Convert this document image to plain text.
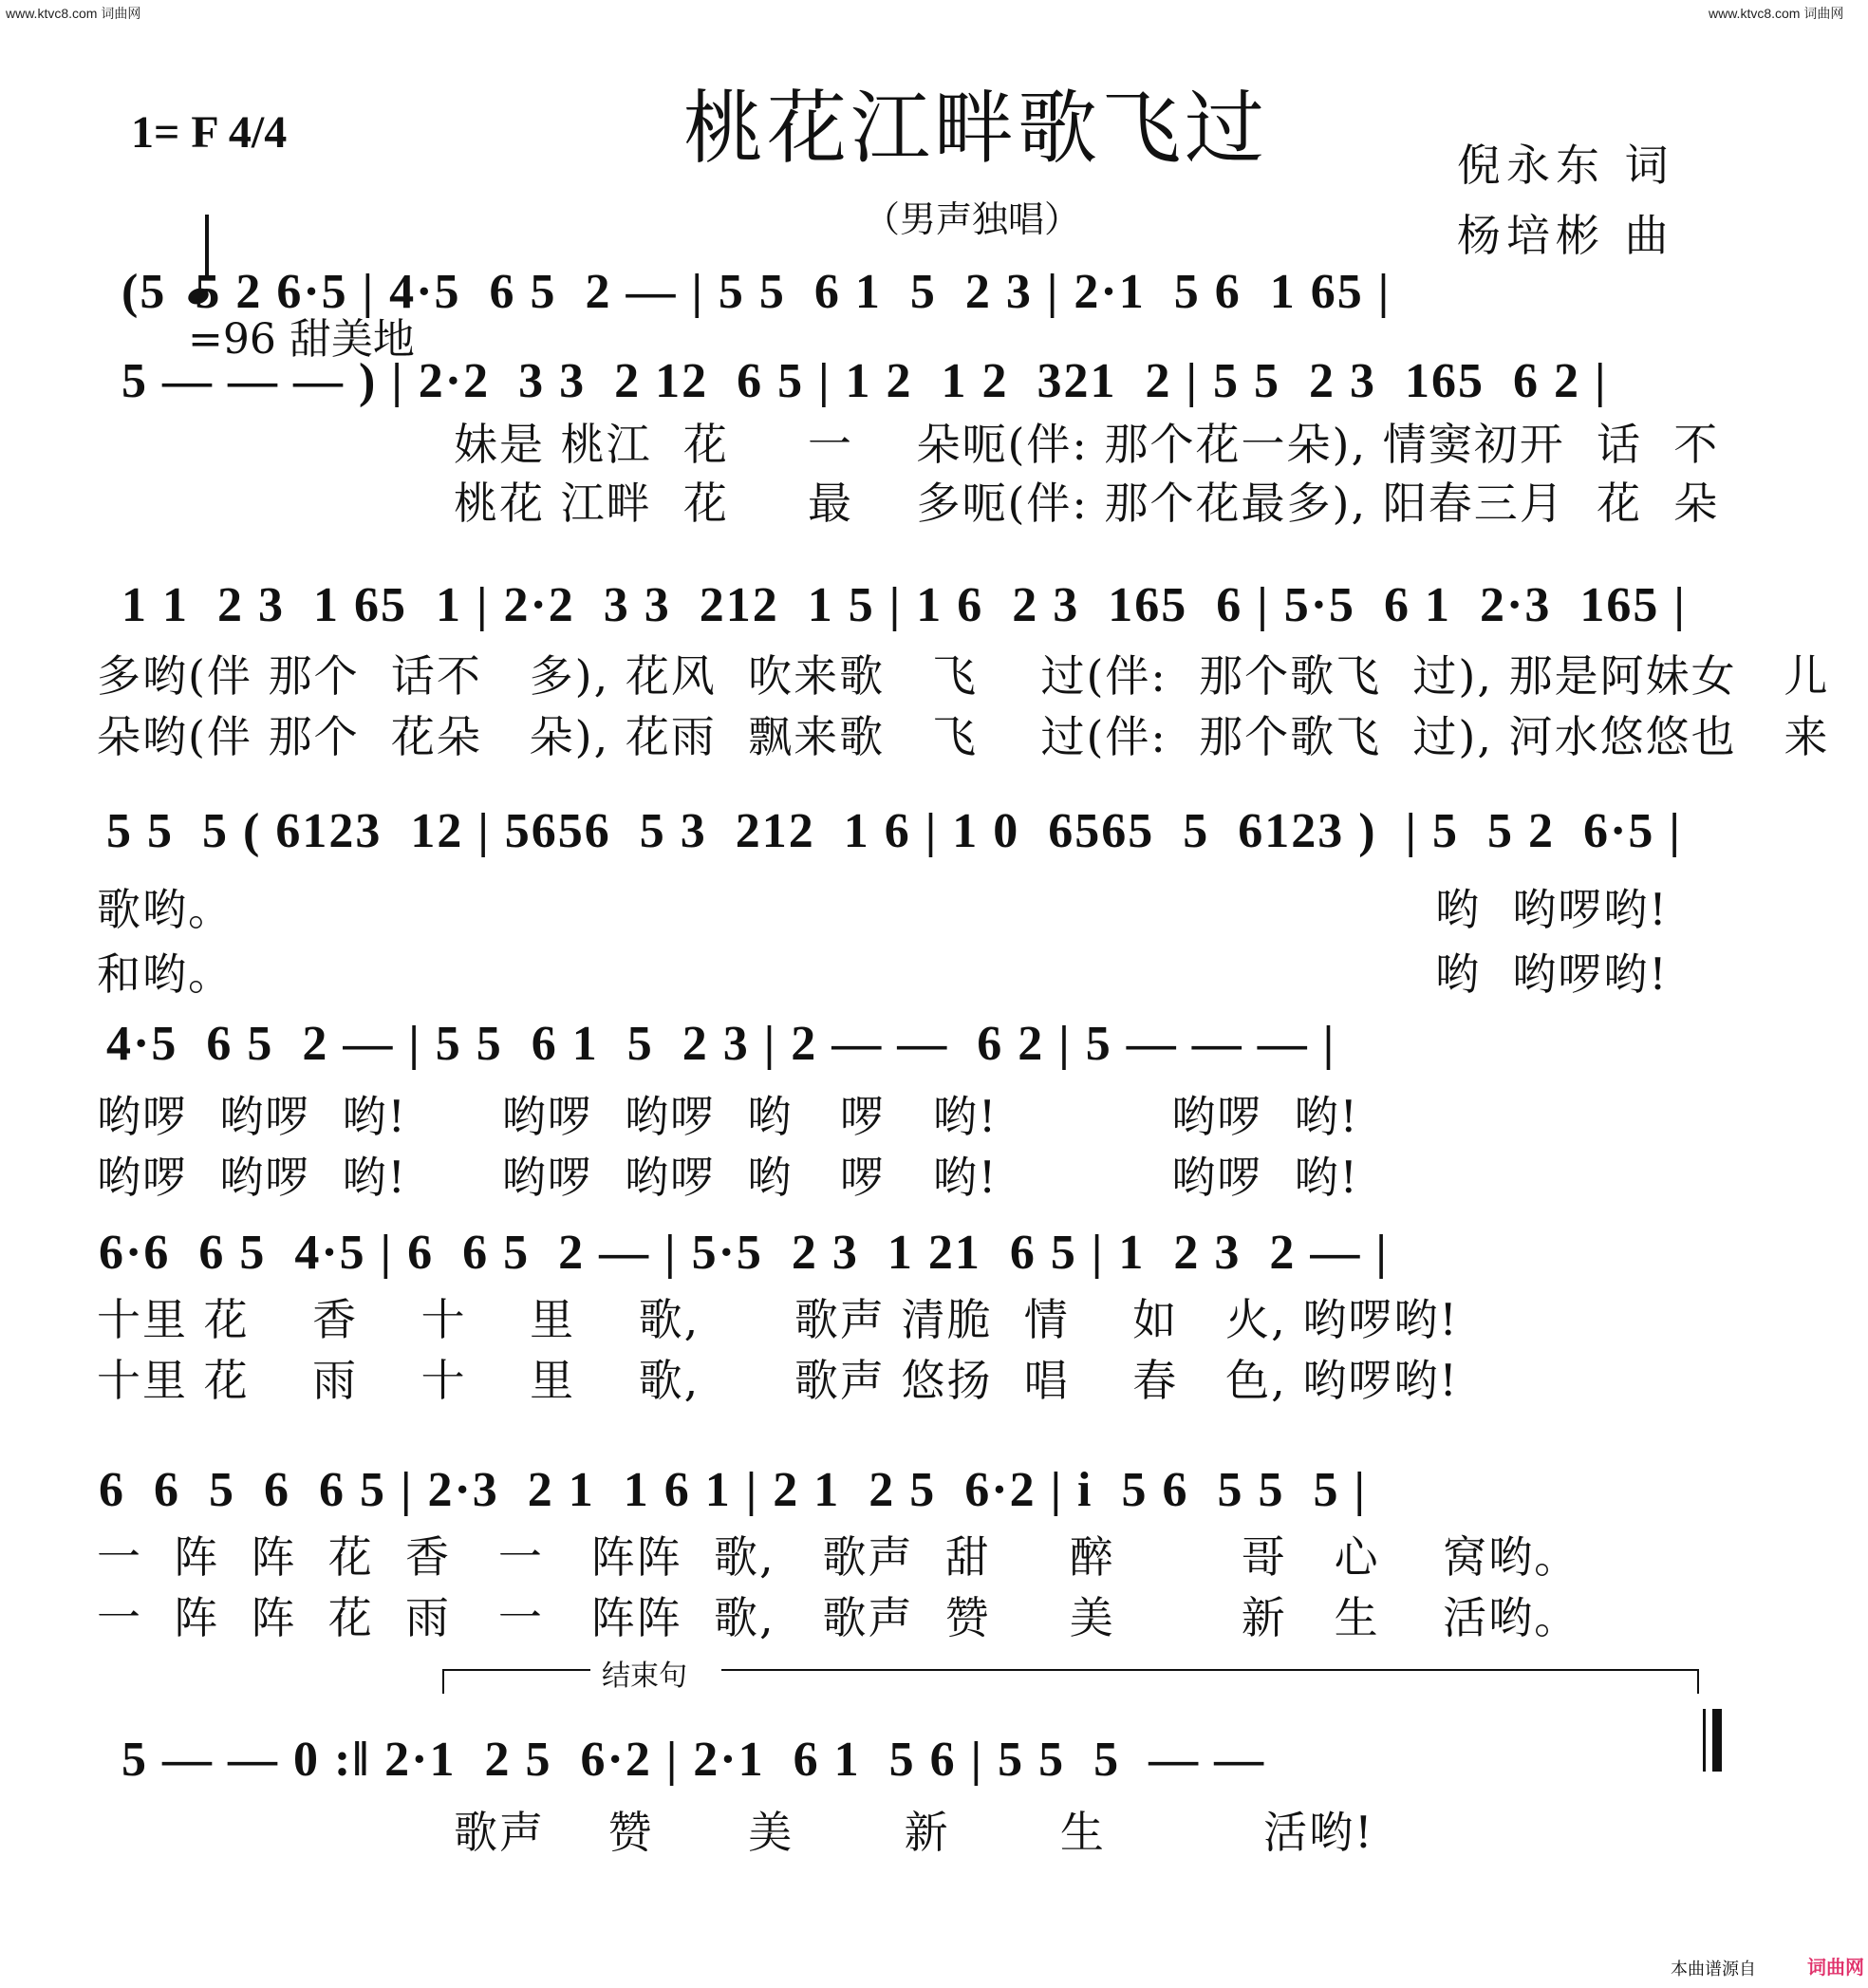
www.ktvc8.com 词曲网	www.ktvc8.com 词曲网
桃花江畔歌飞过
（男声独唱）
倪永东 词
杨培彬 曲
1= F 4/4

=96 甜美地

(5  5 2 6·5 | 4·5  6 5  2 — | 5 5  6 1  5  2 3 | 2·1  5 6  1 65 |
5 — — — ) | 2·2  3 3  2 12  6 5 | 1 2  1 2  321  2 | 5 5  2 3  165  6 2 |
1 1  2 3  1 65  1 | 2·2  3 3  212  1 5 | 1 6  2 3  165  6 | 5·5  6 1  2·3  165 |
5 5  5 ( 6123  12 | 5656  5 3  212  1 6 | 1 0  6565  5  6123 )  | 5  5 2  6·5 |
4·5  6 5  2 — | 5 5  6 1  5  2 3 | 2 — —  6 2 | 5 — — — |
6·6  6 5  4·5 | 6  6 5  2 — | 5·5  2 3  1 21  6 5 | 1  2 3  2 — |
6  6  5  6  6 5 | 2·3  2 1  1 6 1 | 2 1  2 5  6·2 | i  5 6  5 5  5 |
5 — — 0 :‖ 2·1  2 5  6·2 | 2·1  6 1  5 6 | 5 5  5  — —
妹是 桃江  花     一    朵呃(伴: 那个花一朵), 情窦初开  话  不
桃花 江畔  花     最    多呃(伴: 那个花最多), 阳春三月  花  朵
多哟(伴 那个  话不   多), 花风  吹来歌   飞    过(伴:  那个歌飞  过), 那是阿妹女   儿
朵哟(伴 那个  花朵   朵), 花雨  飘来歌   飞    过(伴:  那个歌飞  过), 河水悠悠也   来
歌哟。	哟  哟啰哟!
和哟。	哟  哟啰哟!
哟啰  哟啰  哟!      哟啰  哟啰  哟   啰   哟!           哟啰  哟!
哟啰  哟啰  哟!      哟啰  哟啰  哟   啰   哟!           哟啰  哟!
十里 花    香    十    里    歌,      歌声 清脆  情    如   火, 哟啰哟!
十里 花    雨    十    里    歌,      歌声 悠扬  唱    春   色, 哟啰哟!
一  阵  阵  花  香   一   阵阵  歌,   歌声  甜     醉        哥   心    窝哟。
一  阵  阵  花  雨   一   阵阵  歌,   歌声  赞     美        新   生    活哟。
歌声    赞      美       新       生          活哟!
结束句
本曲谱源自	词曲网
